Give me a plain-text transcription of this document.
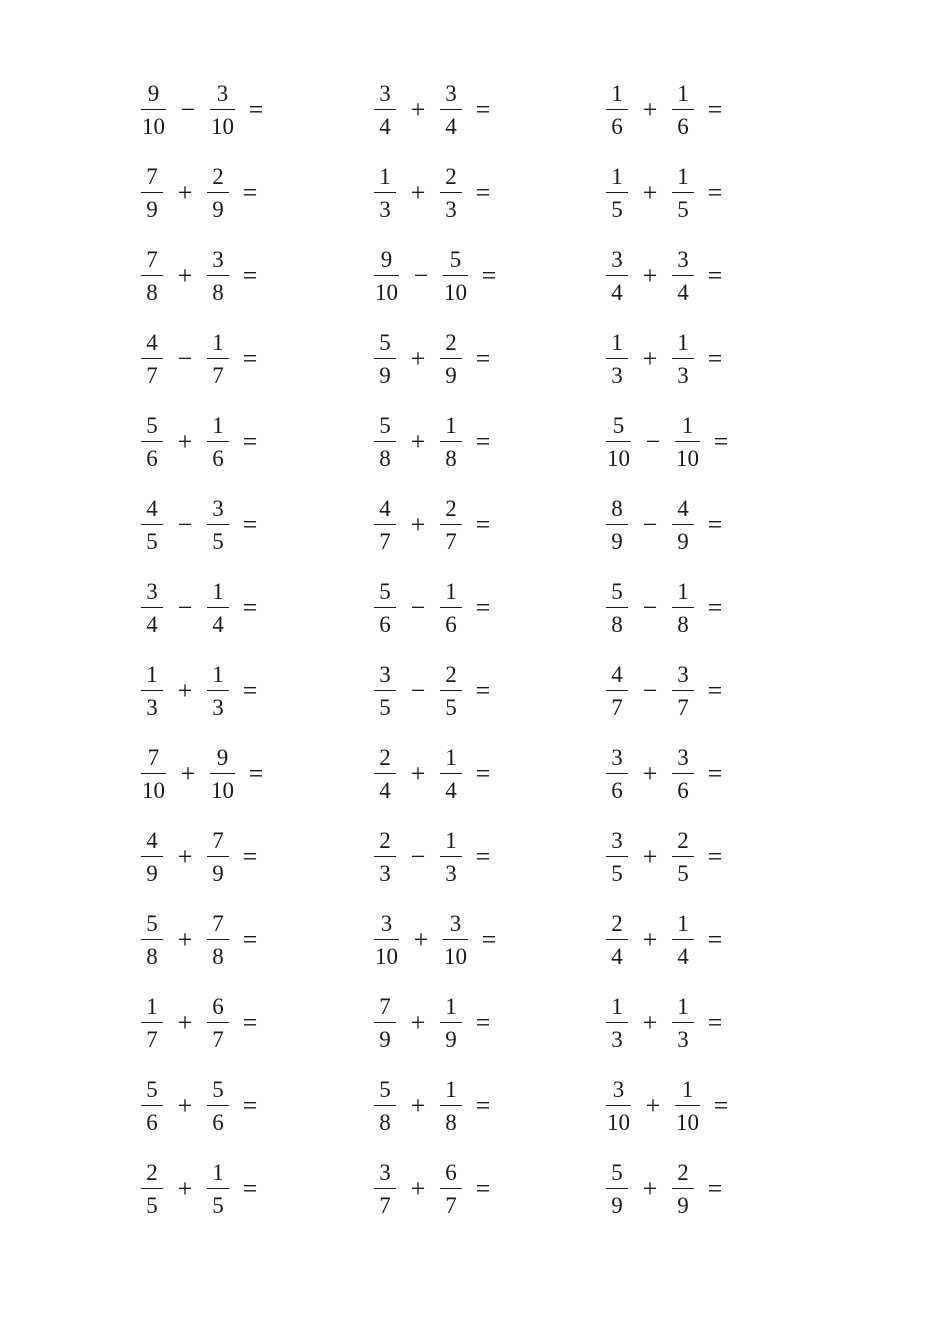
$\frac{9}{10} - \frac{3}{10}$ =
$\frac{7}{9} + \frac{2}{9}$ =
$\frac{7}{8} + \frac{3}{8}$ =
$\frac{4}{7} - \frac{1}{7}$ =
$\frac{5}{6} + \frac{1}{6}$ =
$\frac{4}{5} - \frac{3}{5}$ =
$\frac{3}{4} - \frac{1}{4}$ =
$\frac{1}{3} + \frac{1}{3}$ =
$\frac{7}{10} + \frac{9}{10}$ =
$\frac{4}{9} + \frac{7}{9}$ =
$\frac{5}{8} + \frac{7}{8}$ =
$\frac{1}{7} + \frac{6}{7}$ =
$\frac{5}{6} + \frac{5}{6}$ =
$\frac{2}{5} + \frac{1}{5}$ =
$\frac{3}{4} + \frac{3}{4}$ =
$\frac{1}{3} + \frac{2}{3}$ =
$\frac{9}{10} - \frac{5}{10}$ =
$\frac{5}{9} + \frac{2}{9}$ =
$\frac{5}{8} + \frac{1}{8}$ =
$\frac{4}{7} + \frac{2}{7}$ =
$\frac{5}{6} - \frac{1}{6}$ =
$\frac{3}{5} - \frac{2}{5}$ =
$\frac{2}{4} + \frac{1}{4}$ =
$\frac{2}{3} - \frac{1}{3}$ =
$\frac{3}{10} + \frac{3}{10}$ =
$\frac{7}{9} + \frac{1}{9}$ =
$\frac{5}{8} + \frac{1}{8}$ =
$\frac{3}{7} + \frac{6}{7}$ =
$\frac{1}{6} + \frac{1}{6}$ =
$\frac{1}{5} + \frac{1}{5}$ =
$\frac{3}{4} + \frac{3}{4}$ =
$\frac{1}{3} + \frac{1}{3}$ =
$\frac{5}{10} - \frac{1}{10}$ =
$\frac{8}{9} - \frac{4}{9}$ =
$\frac{5}{8} - \frac{1}{8}$ =
$\frac{4}{7} - \frac{3}{7}$ =
$\frac{3}{6} + \frac{3}{6}$ =
$\frac{3}{5} + \frac{2}{5}$ =
$\frac{2}{4} + \frac{1}{4}$ =
$\frac{1}{3} + \frac{1}{3}$ =
$\frac{3}{10} + \frac{1}{10}$ =
$\frac{5}{9} + \frac{2}{9}$ =
